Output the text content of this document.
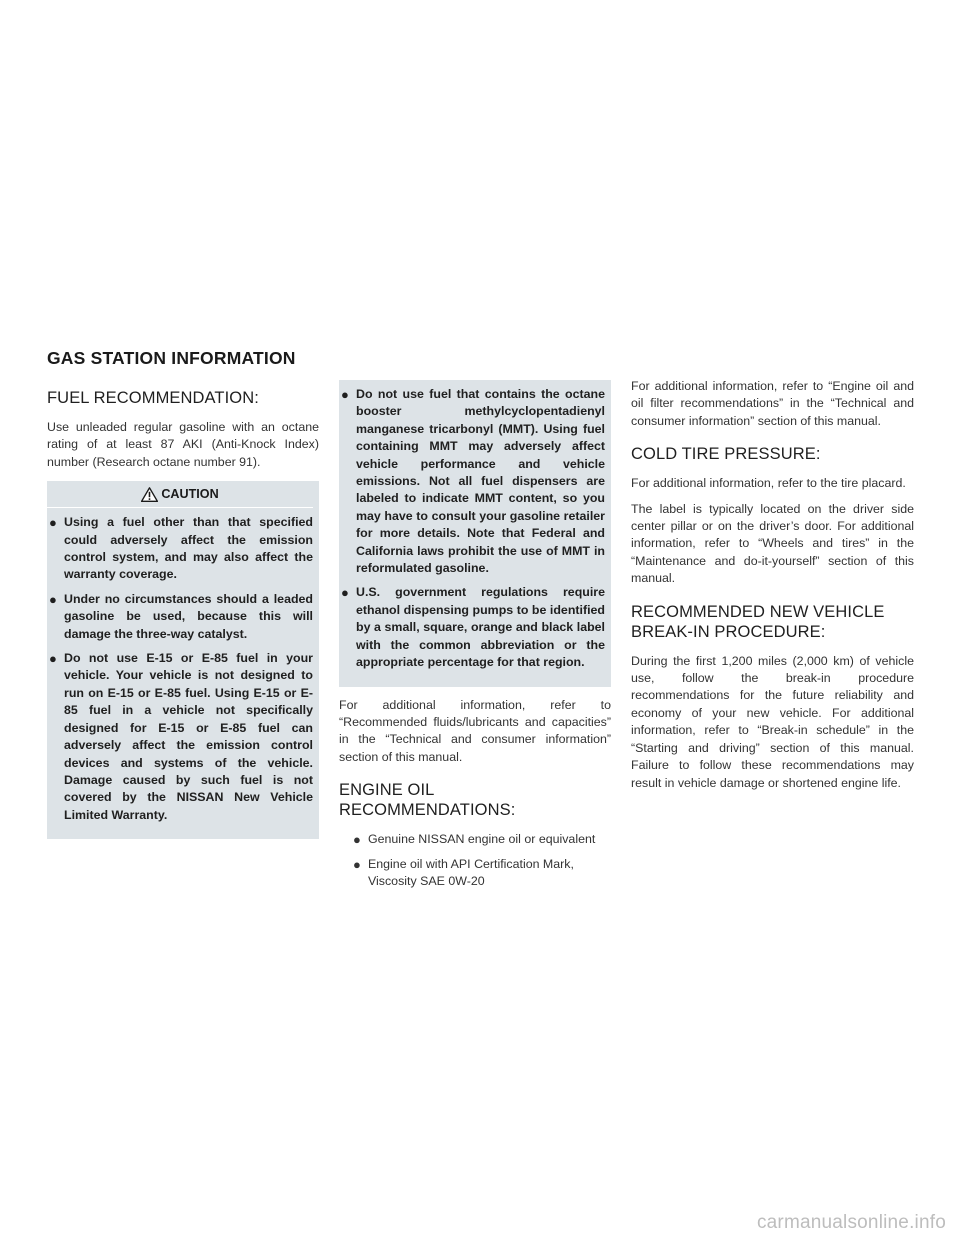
GAS STATION INFORMATION
FUEL RECOMMENDATION:

Use unleaded regular gasoline with an octane rating of at least 87 AKI (Anti-Knock Index) number (Research octane number 91).

CAUTION
● Using a fuel other than that specified could adversely affect the emission control system, and may also affect the warranty coverage.
● Under no circumstances should a leaded gasoline be used, because this will damage the three-way catalyst.
● Do not use E-15 or E-85 fuel in your vehicle. Your vehicle is not designed to run on E-15 or E-85 fuel. Using E-15 or E-85 fuel in a vehicle not specifically designed for E-15 or E-85 fuel can adversely affect the emission control devices and systems of the vehicle. Damage caused by such fuel is not covered by the NISSAN New Vehicle Limited Warranty.
● Do not use fuel that contains the octane booster methylcyclopentadienyl manganese tricarbonyl (MMT). Using fuel containing MMT may adversely affect vehicle performance and vehicle emissions. Not all fuel dispensers are labeled to indicate MMT content, so you may have to consult your gasoline retailer for more details. Note that Federal and California laws prohibit the use of MMT in reformulated gasoline.
● U.S. government regulations require ethanol dispensing pumps to be identified by a small, square, orange and black label with the common abbreviation or the appropriate percentage for that region.

For additional information, refer to “Recommended fluids/lubricants and capacities” in the “Technical and consumer information” section of this manual.

ENGINE OIL RECOMMENDATIONS:
● Genuine NISSAN engine oil or equivalent
● Engine oil with API Certification Mark, Viscosity SAE 0W-20

For additional information, refer to “Engine oil and oil filter recommendations” in the “Technical and consumer information” section of this manual.

COLD TIRE PRESSURE:

For additional information, refer to the tire placard.

The label is typically located on the driver side center pillar or on the driver’s door. For additional information, refer to “Wheels and tires” in the “Maintenance and do-it-yourself” section of this manual.

RECOMMENDED NEW VEHICLE
BREAK-IN PROCEDURE:

During the first 1,200 miles (2,000 km) of vehicle use, follow the break-in procedure recommendations for the future reliability and economy of your new vehicle. For additional information, refer to “Break-in schedule” in the “Starting and driving” section of this manual. Failure to follow these recommendations may result in vehicle damage or shortened engine life.

carmanualsonline.info
